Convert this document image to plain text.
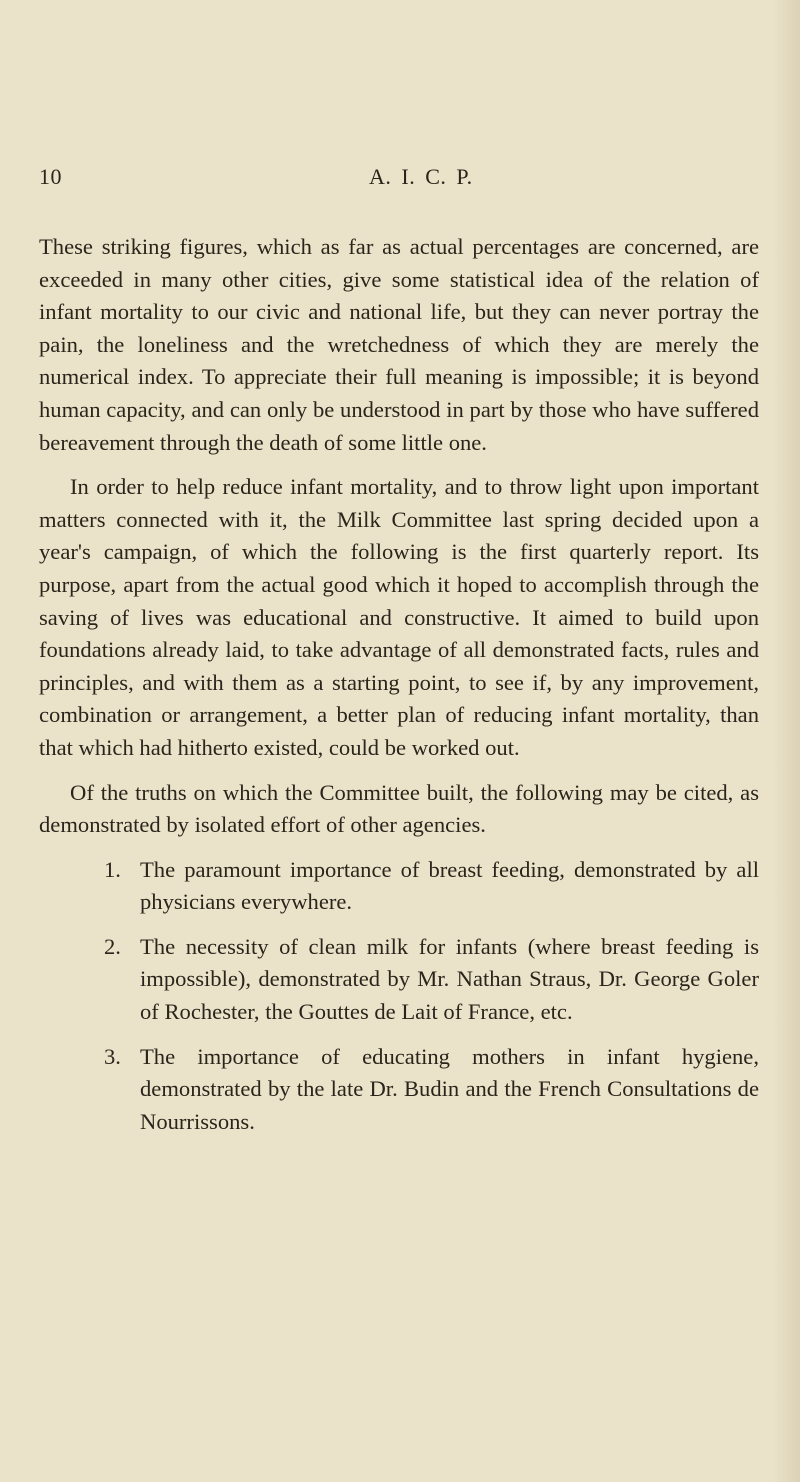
10	A. I. C. P.

These striking figures, which as far as actual percentages are concerned, are exceeded in many other cities, give some statistical idea of the relation of infant mortality to our civic and national life, but they can never portray the pain, the loneliness and the wretchedness of which they are merely the numerical index. To appreciate their full meaning is impossible; it is beyond human capacity, and can only be understood in part by those who have suffered bereavement through the death of some little one.

In order to help reduce infant mortality, and to throw light upon important matters connected with it, the Milk Committee last spring decided upon a year's campaign, of which the following is the first quarterly report. Its purpose, apart from the actual good which it hoped to accomplish through the saving of lives was educational and constructive. It aimed to build upon foundations already laid, to take advantage of all demonstrated facts, rules and principles, and with them as a starting point, to see if, by any improvement, combination or arrangement, a better plan of reducing infant mortality, than that which had hitherto existed, could be worked out.

Of the truths on which the Committee built, the following may be cited, as demonstrated by isolated effort of other agencies.

1. The paramount importance of breast feeding, demonstrated by all physicians everywhere.
2. The necessity of clean milk for infants (where breast feeding is impossible), demonstrated by Mr. Nathan Straus, Dr. George Goler of Rochester, the Gouttes de Lait of France, etc.
3. The importance of educating mothers in infant hygiene, demonstrated by the late Dr. Budin and the French Consultations de Nourrissons.
